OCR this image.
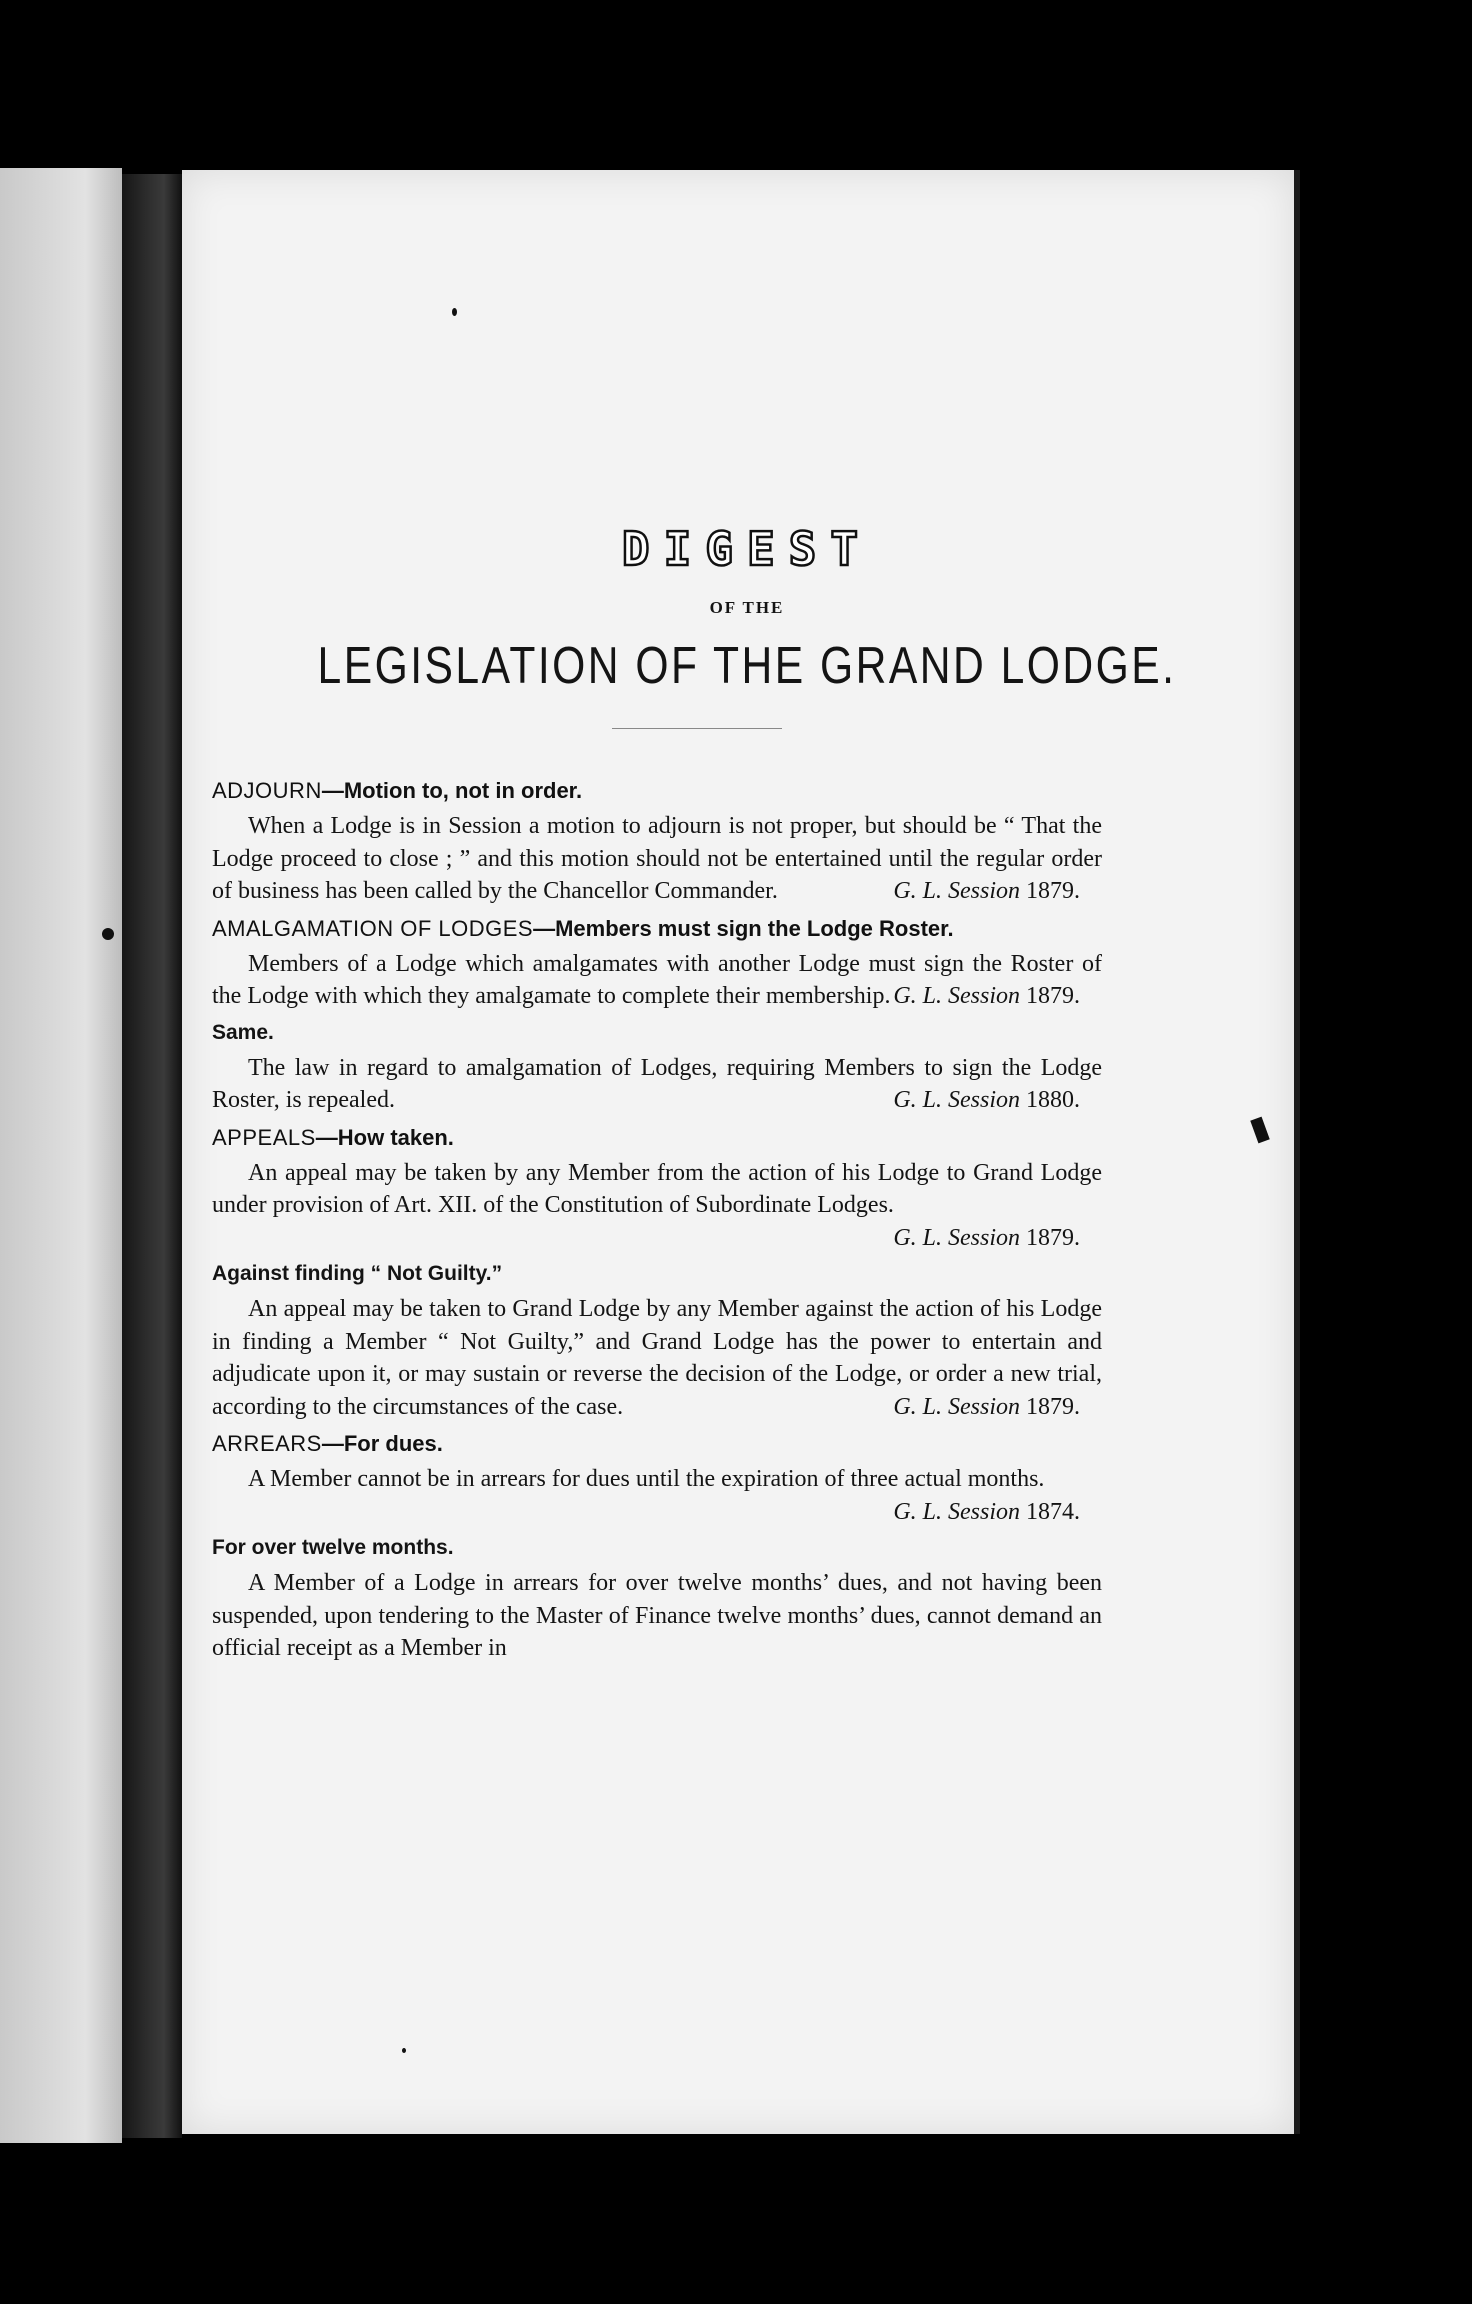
DIGEST
OF THE
LEGISLATION OF THE GRAND LODGE.

ADJOURN—Motion to, not in order.

When a Lodge is in Session a motion to adjourn is not proper, but should be “ That the Lodge proceed to close ; ” and this motion should not be entertained until the regular order of business has been called by the Chancellor Commander.	G. L. Session 1879.

AMALGAMATION OF LODGES—Members must sign the Lodge Roster.

Members of a Lodge which amalgamates with another Lodge must sign the Roster of the Lodge with which they amalgamate to complete their membership. G. L. Session 1879.

Same.

The law in regard to amalgamation of Lodges, requiring Members to sign the Lodge Roster, is repealed.	G. L. Session 1880.

APPEALS—How taken.

An appeal may be taken by any Member from the action of his Lodge to Grand Lodge under provision of Art. XII. of the Constitution of Subordinate Lodges.
G. L. Session 1879.

Against finding “ Not Guilty.”

An appeal may be taken to Grand Lodge by any Member against the action of his Lodge in finding a Member “ Not Guilty,” and Grand Lodge has the power to entertain and adjudicate upon it, or may sustain or reverse the decision of the Lodge, or order a new trial, according to the circumstances of the case.	G. L. Session 1879.

ARREARS—For dues.

A Member cannot be in arrears for dues until the expiration of three actual months.
G. L. Session 1874.

For over twelve months.

A Member of a Lodge in arrears for over twelve months’ dues, and not having been suspended, upon tendering to the Master of Finance twelve months’ dues, cannot demand an official receipt as a Member in
